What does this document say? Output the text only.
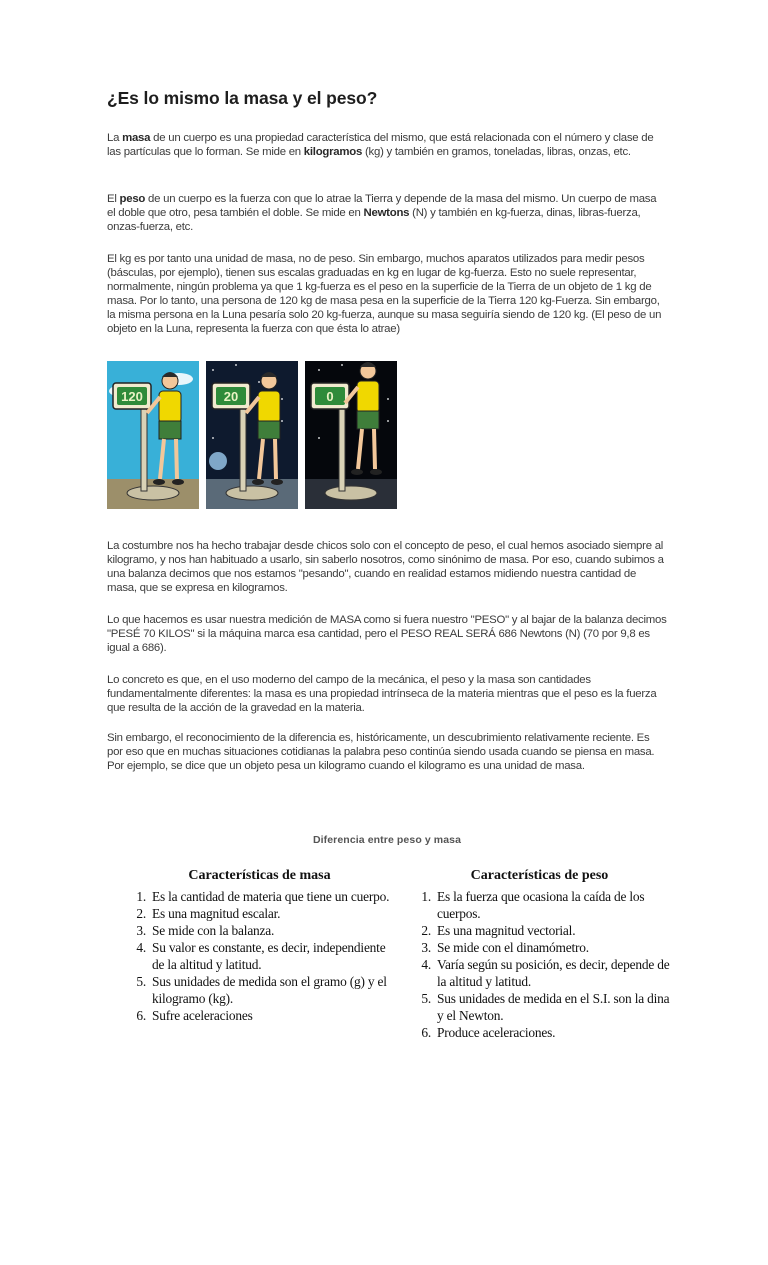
¿Es lo mismo la masa y el peso?

La masa de un cuerpo es una propiedad característica del mismo, que está relacionada con el número y clase de las partículas que lo forman. Se mide en kilogramos (kg) y también en gramos, toneladas, libras, onzas, etc.

El peso de un cuerpo es la fuerza con que lo atrae la Tierra y depende de la masa del mismo. Un cuerpo de masa el doble que otro, pesa también el doble. Se mide en Newtons (N) y también en kg-fuerza, dinas, libras-fuerza, onzas-fuerza, etc.

El kg es por tanto una unidad de masa, no de peso. Sin embargo, muchos aparatos utilizados para medir pesos (básculas, por ejemplo), tienen sus escalas graduadas en kg en lugar de kg-fuerza. Esto no suele representar, normalmente, ningún problema ya que 1 kg-fuerza es el peso en la superficie de la Tierra de un objeto de 1 kg de masa. Por lo tanto, una persona de 120 kg de masa pesa en la superficie de la Tierra 120 kg-Fuerza. Sin embargo, la misma persona en la Luna pesaría solo 20 kg-fuerza, aunque su masa seguiría siendo de 120 kg. (El peso de un objeto en la Luna, representa la fuerza con que ésta lo atrae)

120	20	0

La costumbre nos ha hecho trabajar desde chicos solo con el concepto de peso, el cual hemos asociado siempre al kilogramo, y nos han habituado a usarlo, sin saberlo nosotros, como sinónimo de masa. Por eso, cuando subimos a una balanza decimos que nos estamos "pesando", cuando en realidad estamos midiendo nuestra cantidad de masa, que se expresa en kilogramos.

Lo que hacemos es usar nuestra medición de MASA como si fuera nuestro "PESO" y al bajar de la balanza decimos "PESÉ 70 KILOS" si la máquina marca esa cantidad, pero el PESO REAL SERÁ 686 Newtons (N) (70 por 9,8 es igual a 686).

Lo concreto es que, en el uso moderno del campo de la mecánica, el peso y la masa son cantidades fundamentalmente diferentes: la masa es una propiedad intrínseca de la materia mientras que el peso es la fuerza que resulta de la acción de la gravedad en la materia.

Sin embargo, el reconocimiento de la diferencia es, históricamente, un descubrimiento relativamente reciente. Es por eso que en muchas situaciones cotidianas la palabra peso continúa siendo usada cuando se piensa en masa. Por ejemplo, se dice que un objeto pesa un kilogramo cuando el kilogramo es una unidad de masa.

Diferencia entre peso y masa
Características de masa
1. Es la cantidad de materia que tiene un cuerpo.
2. Es una magnitud escalar.
3. Se mide con la balanza.
4. Su valor es constante, es decir, independiente de la altitud y latitud.
5. Sus unidades de medida son el gramo (g) y el kilogramo (kg).
6. Sufre aceleraciones
Características de peso
1. Es la fuerza que ocasiona la caída de los cuerpos.
2. Es una magnitud vectorial.
3. Se mide con el dinamómetro.
4. Varía según su posición, es decir, depende de la altitud y latitud.
5. Sus unidades de medida en el S.I. son la dina y el Newton.
6. Produce aceleraciones.
